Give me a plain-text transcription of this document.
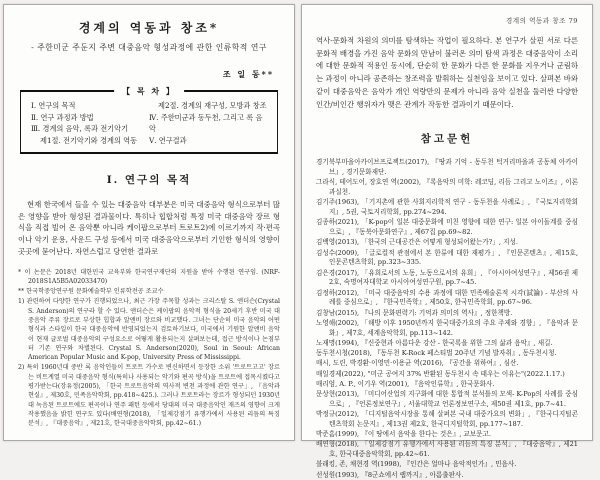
경계의 역동과 창조*
- 주한미군 주둔지 주변 대중음악 형성과정에 관한 인류학적 연구
조 일 동**
【 목 차 】
Ⅰ. 연구의 목적
Ⅱ. 연구 과정과 방법
Ⅲ. 경계의 음악, 록과 전기악기
제1절. 전기악기와 경계의 역동
제2절. 경계의 재구성, 모방과 창조
Ⅳ. 주한미군과 동두천, 그리고 록 음악
Ⅴ. 연구결과
Ⅰ. 연구의 목적
현재 한국에서 들을 수 있는 대중음악 대부분은 미국 대중음악 형식으로부터 많은 영향을 받아 형성된 결과물이다. 특히나 힙합처럼 특정 미국 대중음악 장르 형식을 직접 빌어 온 음악뿐 아니라 케이팝으로부터 트로트2)에 이르기까지 작·편곡이나 악기 운용, 사운드 구성 등에서 미국 대중음악으로부터 기인한 형식의 영향이 곳곳에 묻어난다. 자연스럽고 당연한 결과로
* 이 논문은 2018년 대한민국 교육부와 한국연구재단의 지원을 받아 수행된 연구임. (NRF-2018S1A5B5A02033470)
** 한국학중앙연구원 문화예술학부 인류학전공 조교수
1) 관련하여 다양한 연구가 진행되었으나, 최근 가장 주목할 성과는 크리스탈 S. 앤더슨(Crystal S. Anderson)의 연구라 할 수 있다. 앤더슨은 케이팝의 음악적 형식을 20세기 후반 미국 대중음악 주류 장르로 부상한 힙합과 알앤비 장르와 비교했다. 그녀는 단순히 미국 음악의 어떤 형식과 스타일이 한국 대중음악에 반영되었는지 검토하기보다, 미국에서 기원한 알앤비 음악이 현재 글로벌 대중음악의 구성요소로 어떻게 활용되는지 살펴보는데, 접근 방식이나 논점부터 기존 연구와 차별된다. Crystal S. Anderson(2020), Soul in Seoul: African American Popular Music and K-pop, University Press of Mississippi.
2) 특히 1960년대 중반 록 음악인들이 트로트 가수로 변신하면서 등장한 소위 '트로트고고' 장르는 비트계열 미국 대중음악 형식(특히나 사용되는 악기와 편곡 방식)을 트로트에 접목시켰다고 평가받는다(장유정(2005), 「한국 트로트음악의 역사적 변천 과정에 관한 연구」, 『음악과 현실』, 제30호, 민족음악학회, pp.418~425.). 그러나 트로트라는 장르가 형성되던 1930년대 녹음된 트로트에도 편곡이나 연주 패턴 등에서 당대의 미국 대중음악인 재즈의 영향이 크게 작용했음을 밝힌 연구도 있다(배연형(2018), 「일제강점기 유행가에서 사용된 리듬의 특징 분석」, 『대중음악』, 제21호, 한국대중음악학회, pp.42~61.)
경계의 역동과 창조 79
역사-문화적 차원의 의미를 탐색하는 작업이 필요하다. 본 연구가 살핀 서로 다른 문화적 배경을 가진 음악 문화의 만남이 불러온 의미 탐색 과정은 대중음악이 소리에 대한 문화적 적용인 동시에, 단순히 한 문화가 다른 한 문화를 지우거나 군림하는 과정이 아니라 공존하는 창조력을 발휘하는 실천임을 보이고 있다. 살펴본 바와 같이 대중음악은 음악가 개인 역량만의 문제가 아니라 음악 실천을 둘러싼 다양한 인간/비인간 행위자가 맺은 관계가 작동한 결과이기 때문이다.
참고문헌
경기북부마을아카이브프로젝트(2017), 『땅과 기억 - 동두천 턱거리마을과 공동체 아카이브』, 경기문화재단.
그라식, 테어도어, 장호연 역(2002), 『록음악의 미학: 레코딩, 리듬 그리고 노이즈』, 이론과실천.
김기주(1963), 「기지촌에 관한 사회지리학적 연구 - 동두천을 사례로」, 『국토지리학회지』, 5권, 국토지리학회, pp.274~294.
김종하(2021), 「K-pop이 일본 대중문화에 미친 영향에 대한 연구: 일본 아이돌계를 중심으로」, 『동북아문화연구』, 제67집 pp.69~82.
김백영(2013), 「한국의 근대공간은 어떻게 형성되어왔는가?」, 지성.
김성수(2009), 「글로컬적 관점에서 본 한류에 대한 재평가」, 『인문콘텐츠』, 제15호, 인문콘텐츠학회, pp.323~335.
김은경(2017), 「유희로서의 노동, 노동으로서의 유희」, 『아시아여성연구』, 제56권 제2호, 숙명여자대학교 아시아여성연구원, pp.7~45.
김정하(2012), 「미국 대중음악의 수용 과정에 대한 민족예술론적 시각(試論) - 부산의 사례를 중심으로」, 『한국민족학』, 제50호, 한국민족학회, pp.67~96.
김창남(2015), 『나의 문화편력기: 기억과 의미의 역사』, 정한책방.
노영해(2002), 「해방 이후 1950년까지 한국대중가요의 주요 주제와 경향」, 『음악과 문화』, 제7호, 세계음악학회, pp.113~142.
노재명(1994), 『신중현과 아름다운 강산 - 한국록을 위한 그의 삶과 음악』, 새길.
동두천시청(2018), 『동두천 K-Rock 페스티벌 20주년 기념 발자취』, 동두천시청.
매시, 도린, 박경환·이영민·이용균 역(2016), 『공간을 위하여』, 심산.
매일경제(2022), "미군 공여지 37% 반환된 동두천시 속 태우는 이유는"(2022.1.17.)
매리엄, A. P., 이기우 역(2001), 『음악인류학』, 한국문화사.
문상현(2013), 「미디어산업의 지구화에 대한 통합적 분석틀의 모색- K-Pop의 사례를 중심으로」, 『언론정보연구』, 서울대학교 언론정보연구소, 제50권 제1호, pp.7~41.
박정규(2012), 「디지털음악시장을 통해 살펴본 국내 대중가요의 변화」, 『한국디지털콘텐츠학회 논문지』, 제13권 제2호, 한국디지털학회, pp.177~187.
박준흠(1999), 『이 땅에서 음악을 한다는 것은』, 교보문고.
배연형(2018), 「일제강점기 유행가에서 사용된 리듬의 특징 분석」, 『대중음악』, 제21호, 한국대중음악학회, pp.42~61.
블래킹, 존, 채현경 역(1998), 『인간은 얼마나 음악적인가』, 민음사.
선성원(1993), 『8군쇼에서 랩까지』, 아름출판사.
